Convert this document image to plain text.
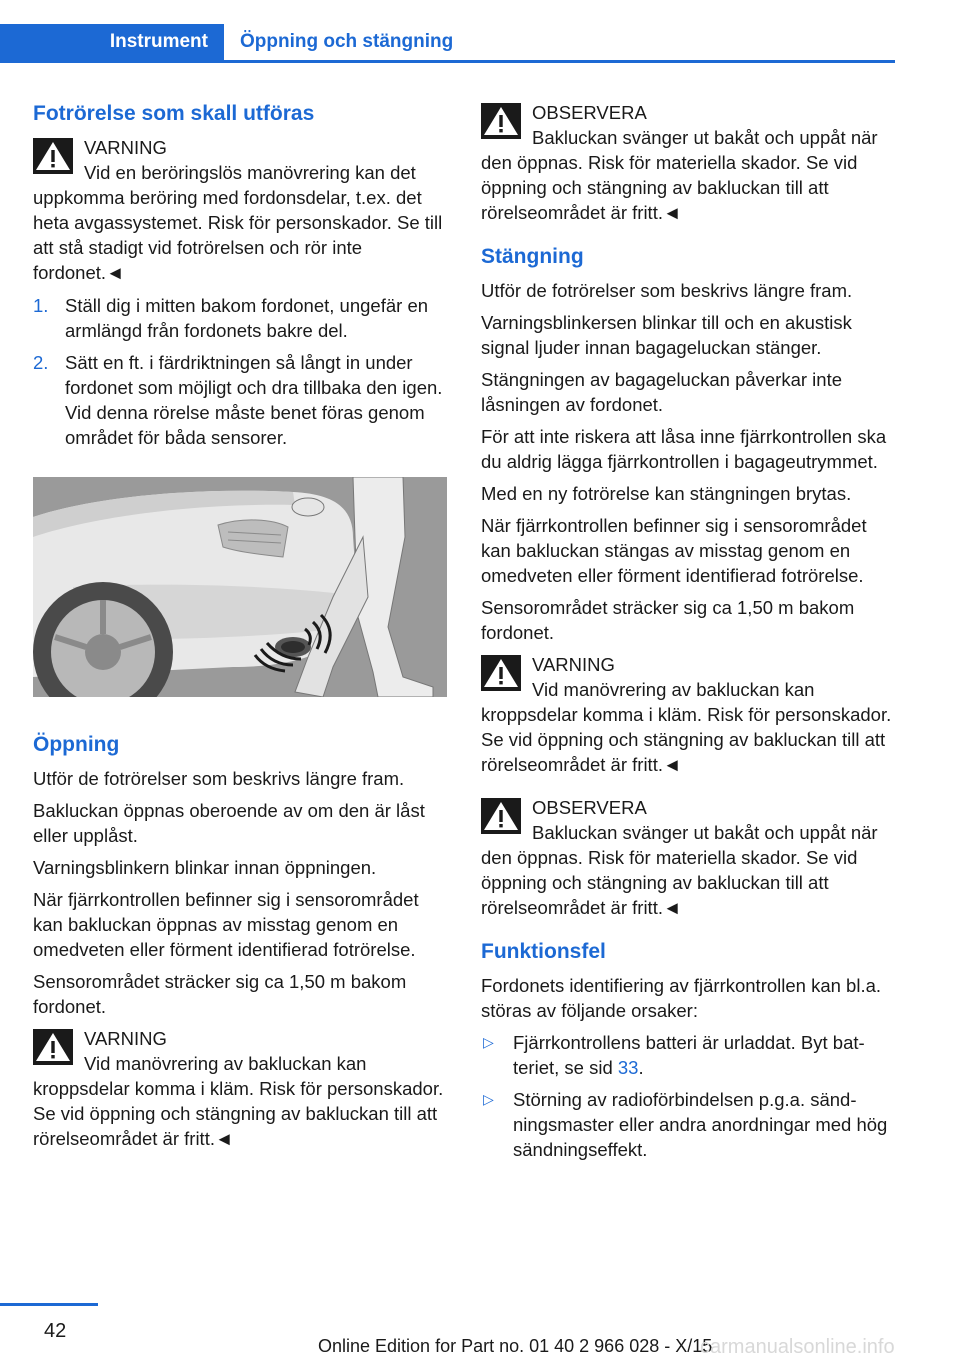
Instrument	Öppning och stängning
Fotrörelse som skall utföras
VARNING
Vid en beröringslös manövrering kan det uppkomma beröring med fordonsdelar, t.ex. det heta avgassystemet. Risk för personskador. Se till att stå stadigt vid fotrörelsen och rör inte fordonet.◄
1. Ställ dig i mitten bakom fordonet, ungefär en armlängd från fordonets bakre del.
2. Sätt en ft. i färdriktningen så långt in under fordonet som möjligt och dra tillbaka den igen. Vid denna rörelse måste benet föras genom området för båda sensorer.
Öppning

Utför de fotrörelser som beskrivs längre fram.

Bakluckan öppnas oberoende av om den är låst eller upplåst.

Varningsblinkern blinkar innan öppningen.

När fjärrkontrollen befinner sig i sensorområdet kan bakluckan öppnas av misstag genom en omedveten eller förment identifierad fotrörelse.

Sensorområdet sträcker sig ca 1,50 m bakom fordonet.

VARNING
Vid manövrering av bakluckan kan kroppsdelar komma i kläm. Risk för personskador. Se vid öppning och stängning av bakluckan till att rörelseområdet är fritt.◄
OBSERVERA
Bakluckan svänger ut bakåt och uppåt när den öppnas. Risk för materiella skador. Se vid öppning och stängning av bakluckan till att rörelseområdet är fritt.◄
Stängning

Utför de fotrörelser som beskrivs längre fram.

Varningsblinkersen blinkar till och en akustisk signal ljuder innan bagageluckan stänger.

Stängningen av bagageluckan påverkar inte låsningen av fordonet.

För att inte riskera att låsa inne fjärrkontrollen ska du aldrig lägga fjärrkontrollen i bagageutrymmet.

Med en ny fotrörelse kan stängningen brytas.

När fjärrkontrollen befinner sig i sensorområdet kan bakluckan stängas av misstag genom en omedveten eller förment identifierad fotrörelse.

Sensorområdet sträcker sig ca 1,50 m bakom fordonet.

VARNING
Vid manövrering av bakluckan kan kroppsdelar komma i kläm. Risk för personskador. Se vid öppning och stängning av bakluckan till att rörelseområdet är fritt.◄
OBSERVERA
Bakluckan svänger ut bakåt och uppåt när den öppnas. Risk för materiella skador. Se vid öppning och stängning av bakluckan till att rörelseområdet är fritt.◄
Funktionsfel

Fordonets identifiering av fjärrkontrollen kan bl.a. störas av följande orsaker:

▷ Fjärrkontrollens batteri är urladdat. Byt batteriet, se sid 33.
▷ Störning av radioförbindelsen p.g.a. sändningsmaster eller andra anordningar med hög sändningseffekt.
42
Online Edition for Part no. 01 40 2 966 028 - X/15
carmanualsonline.info
